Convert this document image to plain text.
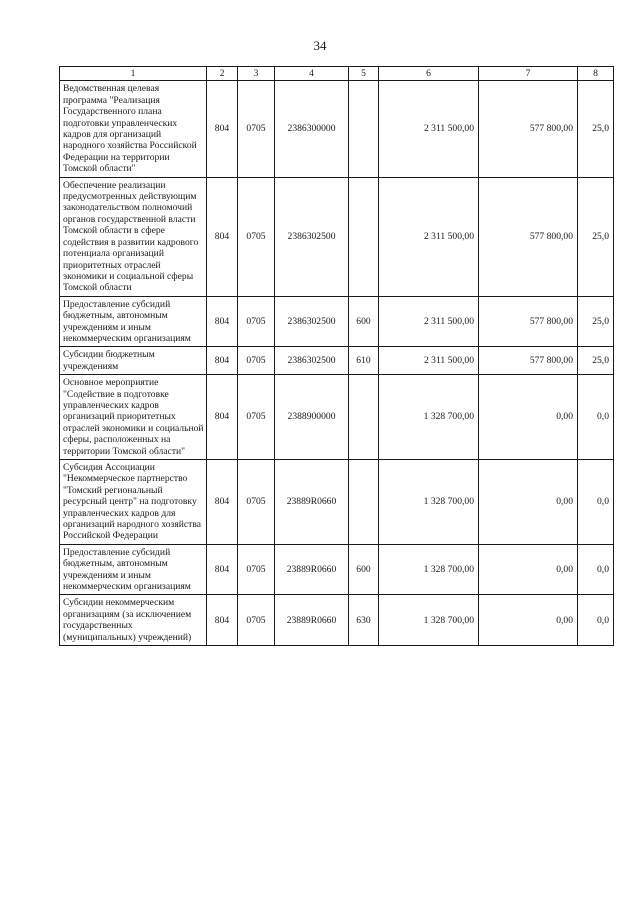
34
1	2	3	4	5	6	7	8
Ведомственная целевая программа "Реализация Государственного плана подготовки управленческих кадров для организаций народного хозяйства Российской Федерации на территории Томской области"	804	0705	2386300000		2 311 500,00	577 800,00	25,0
Обеспечение реализации предусмотренных действующим законодательством полномочий органов государственной власти Томской области в сфере содействия в развитии кадрового потенциала организаций приоритетных отраслей экономики и социальной сферы Томской области	804	0705	2386302500		2 311 500,00	577 800,00	25,0
Предоставление субсидий бюджетным, автономным учреждениям и иным некоммерческим организациям	804	0705	2386302500	600	2 311 500,00	577 800,00	25,0
Субсидии бюджетным учреждениям	804	0705	2386302500	610	2 311 500,00	577 800,00	25,0
Основное мероприятие "Содействие в подготовке управленческих кадров организаций приоритетных отраслей экономики и социальной сферы, расположенных на территории Томской области"	804	0705	2388900000		1 328 700,00	0,00	0,0
Субсидия Ассоциации "Некоммерческое партнерство "Томский региональный ресурсный центр" на подготовку управленческих кадров для организаций народного хозяйства Российской Федерации	804	0705	23889R0660		1 328 700,00	0,00	0,0
Предоставление субсидий бюджетным, автономным учреждениям и иным некоммерческим организациям	804	0705	23889R0660	600	1 328 700,00	0,00	0,0
Субсидии некоммерческим организациям (за исключением государственных (муниципальных) учреждений)	804	0705	23889R0660	630	1 328 700,00	0,00	0,0
